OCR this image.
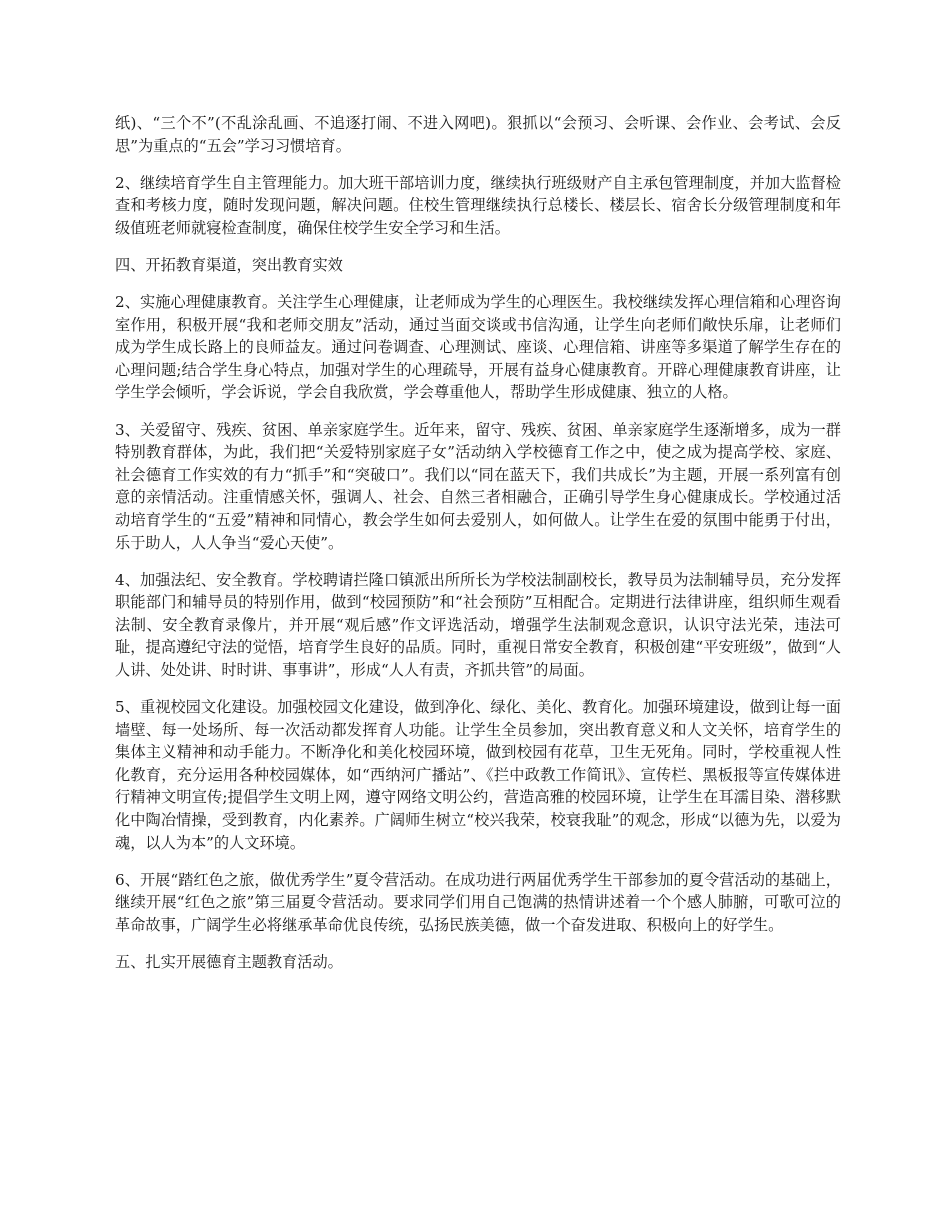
纸)、“三个不”(不乱涂乱画、不追逐打闹、不进入网吧)。狠抓以“会预习、会听课、会作业、会考试、会反思”为重点的“五会”学习习惯培育。

2、继续培育学生自主管理能力。加大班干部培训力度，继续执行班级财产自主承包管理制度，并加大监督检查和考核力度，随时发现问题，解决问题。住校生管理继续执行总楼长、楼层长、宿舍长分级管理制度和年级值班老师就寝检查制度，确保住校学生安全学习和生活。

四、开拓教育渠道，突出教育实效

2、实施心理健康教育。关注学生心理健康，让老师成为学生的心理医生。我校继续发挥心理信箱和心理咨询室作用，积极开展“我和老师交朋友”活动，通过当面交谈或书信沟通，让学生向老师们敞快乐扉，让老师们成为学生成长路上的良师益友。通过问卷调查、心理测试、座谈、心理信箱、讲座等多渠道了解学生存在的心理问题;结合学生身心特点，加强对学生的心理疏导，开展有益身心健康教育。开辟心理健康教育讲座，让学生学会倾听，学会诉说，学会自我欣赏，学会尊重他人，帮助学生形成健康、独立的人格。

3、关爱留守、残疾、贫困、单亲家庭学生。近年来，留守、残疾、贫困、单亲家庭学生逐渐增多，成为一群特别教育群体，为此，我们把“关爱特别家庭子女”活动纳入学校德育工作之中，使之成为提高学校、家庭、社会德育工作实效的有力“抓手”和“突破口”。我们以“同在蓝天下，我们共成长”为主题，开展一系列富有创意的亲情活动。注重情感关怀，强调人、社会、自然三者相融合，正确引导学生身心健康成长。学校通过活动培育学生的“五爱”精神和同情心，教会学生如何去爱别人，如何做人。让学生在爱的氛围中能勇于付出，乐于助人，人人争当“爱心天使”。

4、加强法纪、安全教育。学校聘请拦隆口镇派出所所长为学校法制副校长，教导员为法制辅导员，充分发挥职能部门和辅导员的特别作用，做到“校园预防”和“社会预防”互相配合。定期进行法律讲座，组织师生观看法制、安全教育录像片，并开展“观后感”作文评选活动，增强学生法制观念意识，认识守法光荣，违法可耻，提高遵纪守法的觉悟，培育学生良好的品质。同时，重视日常安全教育，积极创建“平安班级”，做到“人人讲、处处讲、时时讲、事事讲”，形成“人人有责，齐抓共管”的局面。

5、重视校园文化建设。加强校园文化建设，做到净化、绿化、美化、教育化。加强环境建设，做到让每一面墙壁、每一处场所、每一次活动都发挥育人功能。让学生全员参加，突出教育意义和人文关怀，培育学生的集体主义精神和动手能力。不断净化和美化校园环境，做到校园有花草，卫生无死角。同时，学校重视人性化教育，充分运用各种校园媒体，如“西纳河广播站”、《拦中政教工作简讯》、宣传栏、黑板报等宣传媒体进行精神文明宣传;提倡学生文明上网，遵守网络文明公约，营造高雅的校园环境，让学生在耳濡目染、潜移默化中陶冶情操，受到教育，内化素养。广阔师生树立“校兴我荣，校衰我耻”的观念，形成“以德为先，以爱为魂，以人为本”的人文环境。

6、开展“踏红色之旅，做优秀学生”夏令营活动。在成功进行两届优秀学生干部参加的夏令营活动的基础上，继续开展“红色之旅”第三届夏令营活动。要求同学们用自己饱满的热情讲述着一个个感人肺腑，可歌可泣的革命故事，广阔学生必将继承革命优良传统，弘扬民族美德，做一个奋发进取、积极向上的好学生。

五、扎实开展德育主题教育活动。
